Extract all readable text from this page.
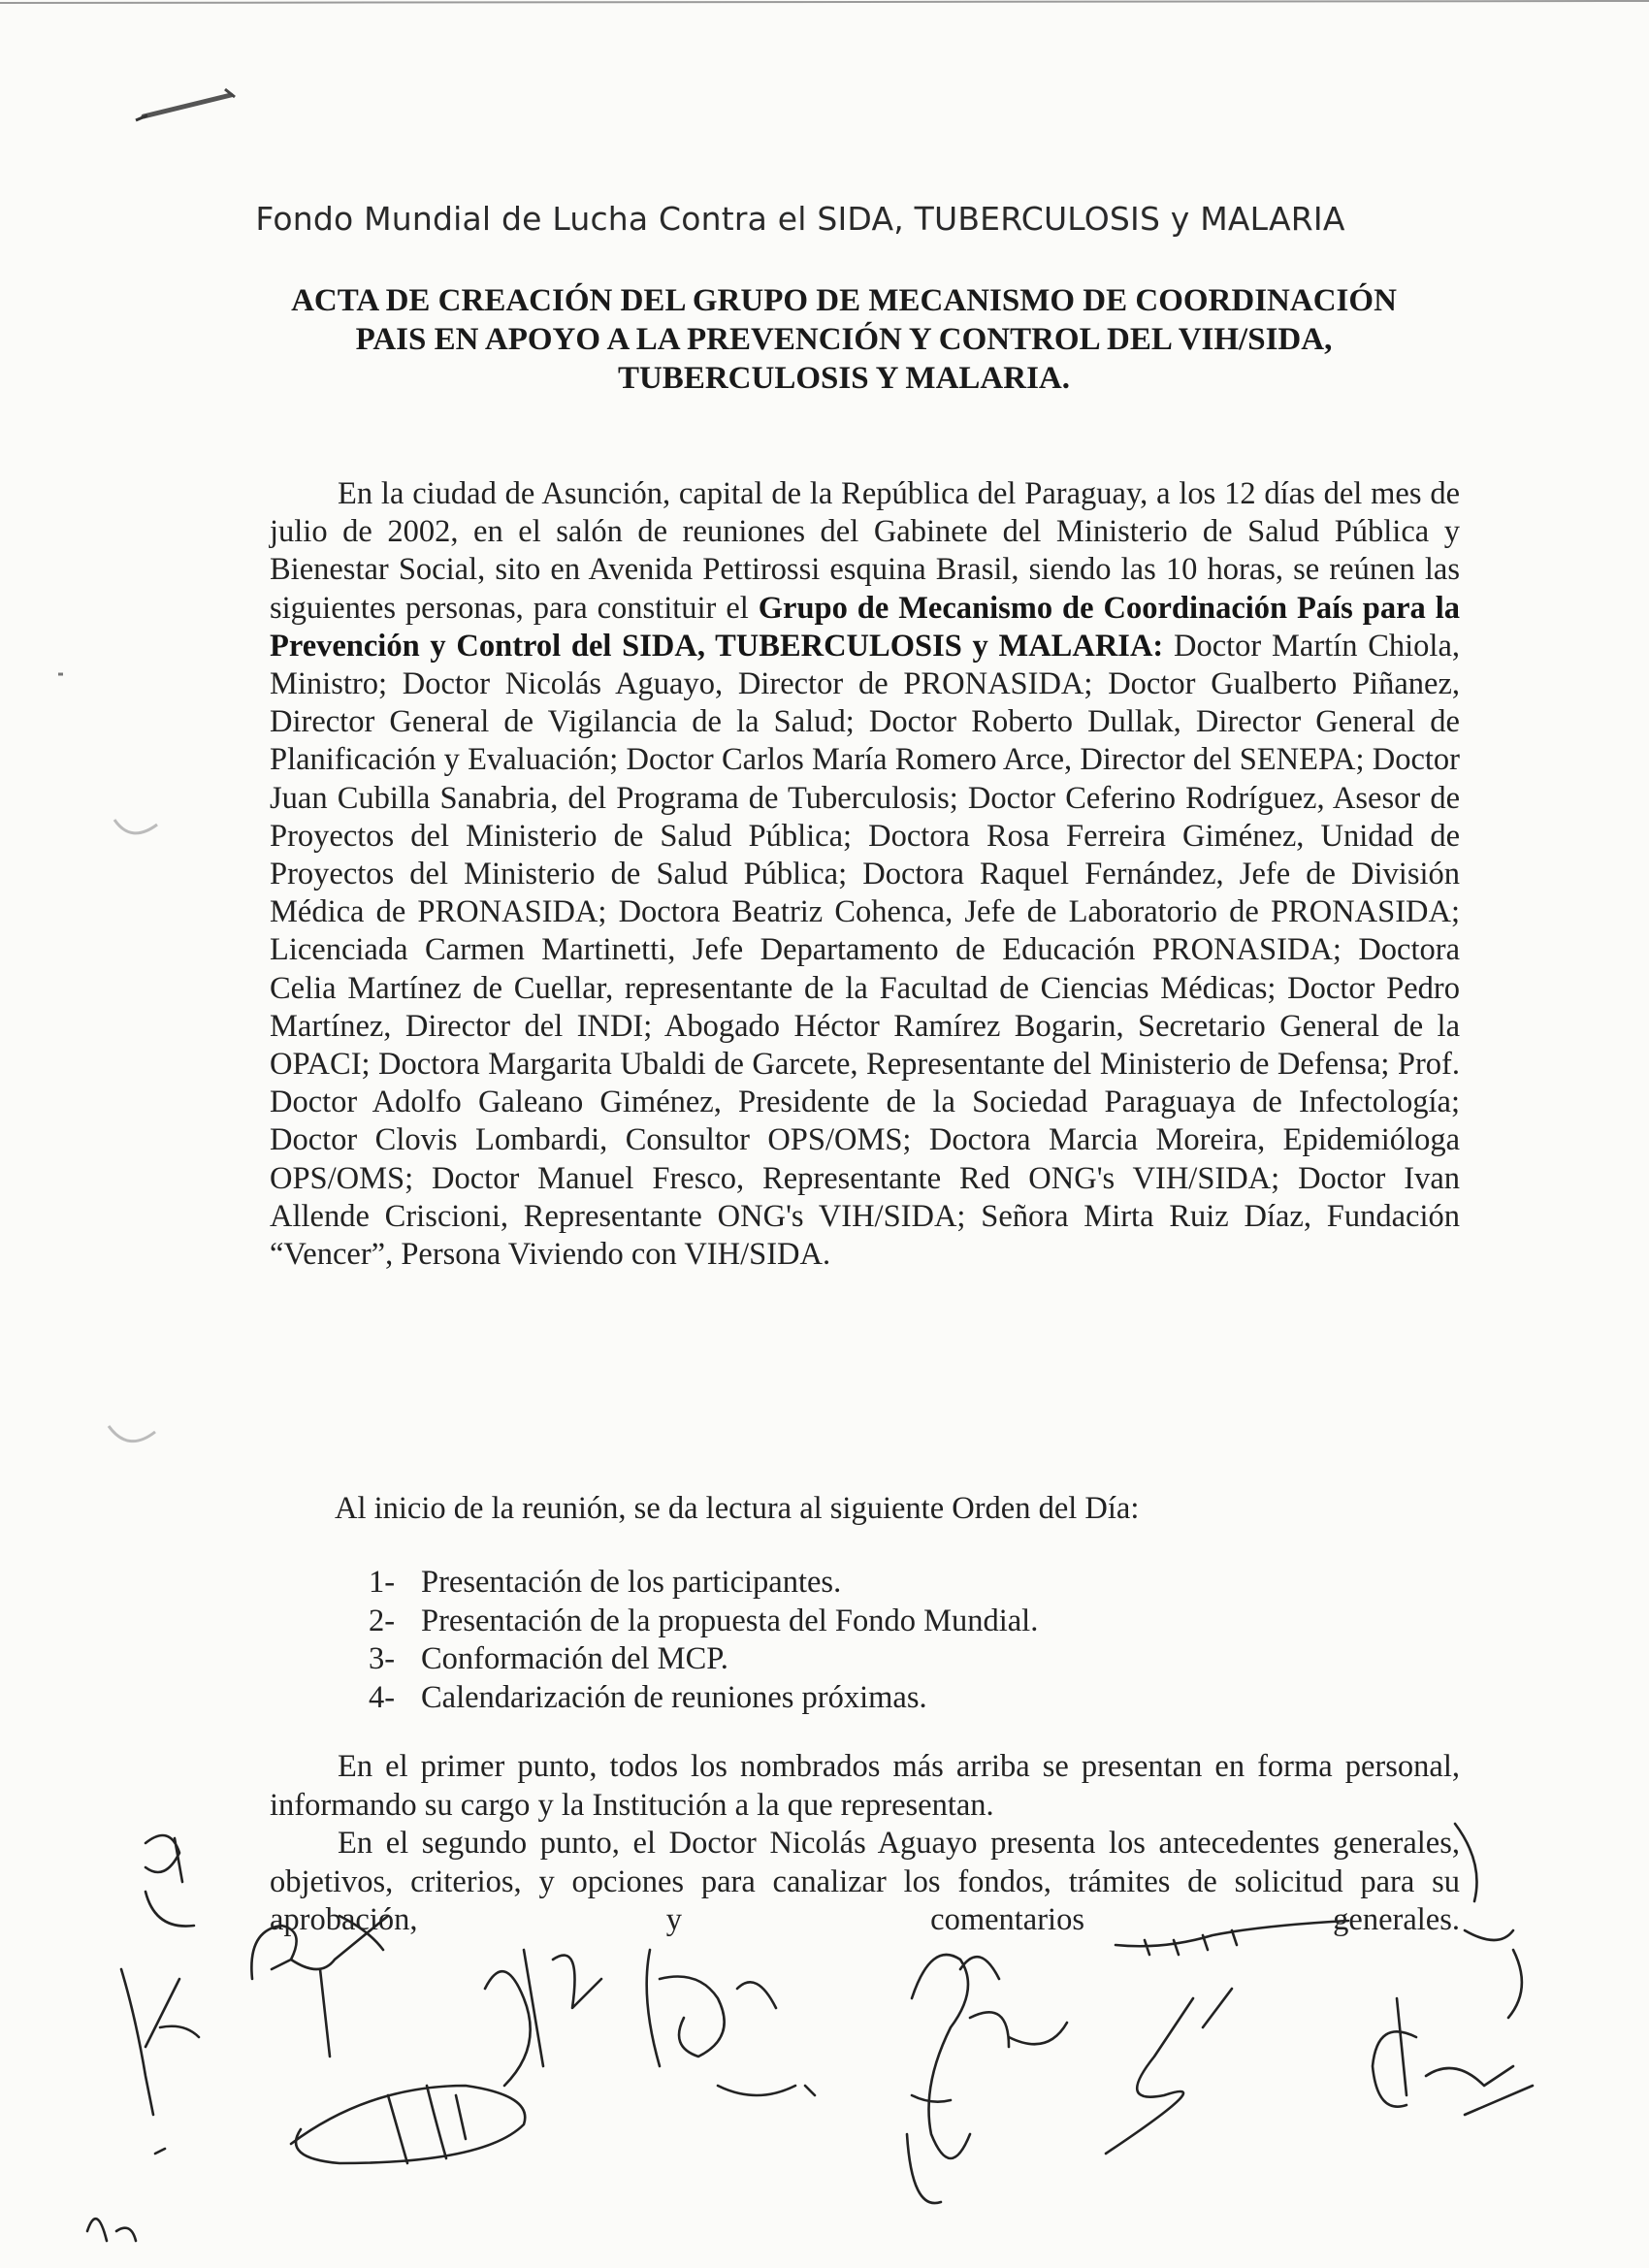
Fondo Mundial de Lucha Contra el SIDA, TUBERCULOSIS y MALARIA
ACTA DE CREACIÓN DEL GRUPO DE MECANISMO DE COORDINACIÓN
PAIS EN APOYO A LA PREVENCIÓN Y CONTROL DEL VIH/SIDA,
TUBERCULOSIS Y MALARIA.

En la ciudad de Asunción, capital de la República del Paraguay, a los 12 días del mes de julio de 2002, en el salón de reuniones del Gabinete del Ministerio de Salud Pública y Bienestar Social, sito en Avenida Pettirossi esquina Brasil, siendo las 10 horas, se reúnen las siguientes personas, para constituir el Grupo de Mecanismo de Coordinación País para la Prevención y Control del SIDA, TUBERCULOSIS y MALARIA: Doctor Martín Chiola, Ministro; Doctor Nicolás Aguayo, Director de PRONASIDA; Doctor Gualberto Piñanez, Director General de Vigilancia de la Salud; Doctor Roberto Dullak, Director General de Planificación y Evaluación; Doctor Carlos María Romero Arce, Director del SENEPA; Doctor Juan Cubilla Sanabria, del Programa de Tuberculosis; Doctor Ceferino Rodríguez, Asesor de Proyectos del Ministerio de Salud Pública; Doctora Rosa Ferreira Giménez, Unidad de Proyectos del Ministerio de Salud Pública; Doctora Raquel Fernández, Jefe de División Médica de PRONASIDA; Doctora Beatriz Cohenca, Jefe de Laboratorio de PRONASIDA; Licenciada Carmen Martinetti, Jefe Departamento de Educación PRONASIDA; Doctora Celia Martínez de Cuellar, representante de la Facultad de Ciencias Médicas; Doctor Pedro Martínez, Director del INDI; Abogado Héctor Ramírez Bogarin, Secretario General de la OPACI; Doctora Margarita Ubaldi de Garcete, Representante del Ministerio de Defensa; Prof. Doctor Adolfo Galeano Giménez, Presidente de la Sociedad Paraguaya de Infectología; Doctor Clovis Lombardi, Consultor OPS/OMS; Doctora Marcia Moreira, Epidemióloga OPS/OMS; Doctor Manuel Fresco, Representante Red ONG's VIH/SIDA; Doctor Ivan Allende Criscioni, Representante ONG's VIH/SIDA; Señora Mirta Ruiz Díaz, Fundación “Vencer”, Persona Viviendo con VIH/SIDA.

Al inicio de la reunión, se da lectura al siguiente Orden del Día:
1- Presentación de los participantes.
2- Presentación de la propuesta del Fondo Mundial.
3- Conformación del MCP.
4- Calendarización de reuniones próximas.

En el primer punto, todos los nombrados más arriba se presentan en forma personal, informando su cargo y la Institución a la que representan.

En el segundo punto, el Doctor Nicolás Aguayo presenta los antecedentes generales, objetivos, criterios, y opciones para canalizar los fondos, trámites de solicitud para su aprobación, y comentarios generales.
